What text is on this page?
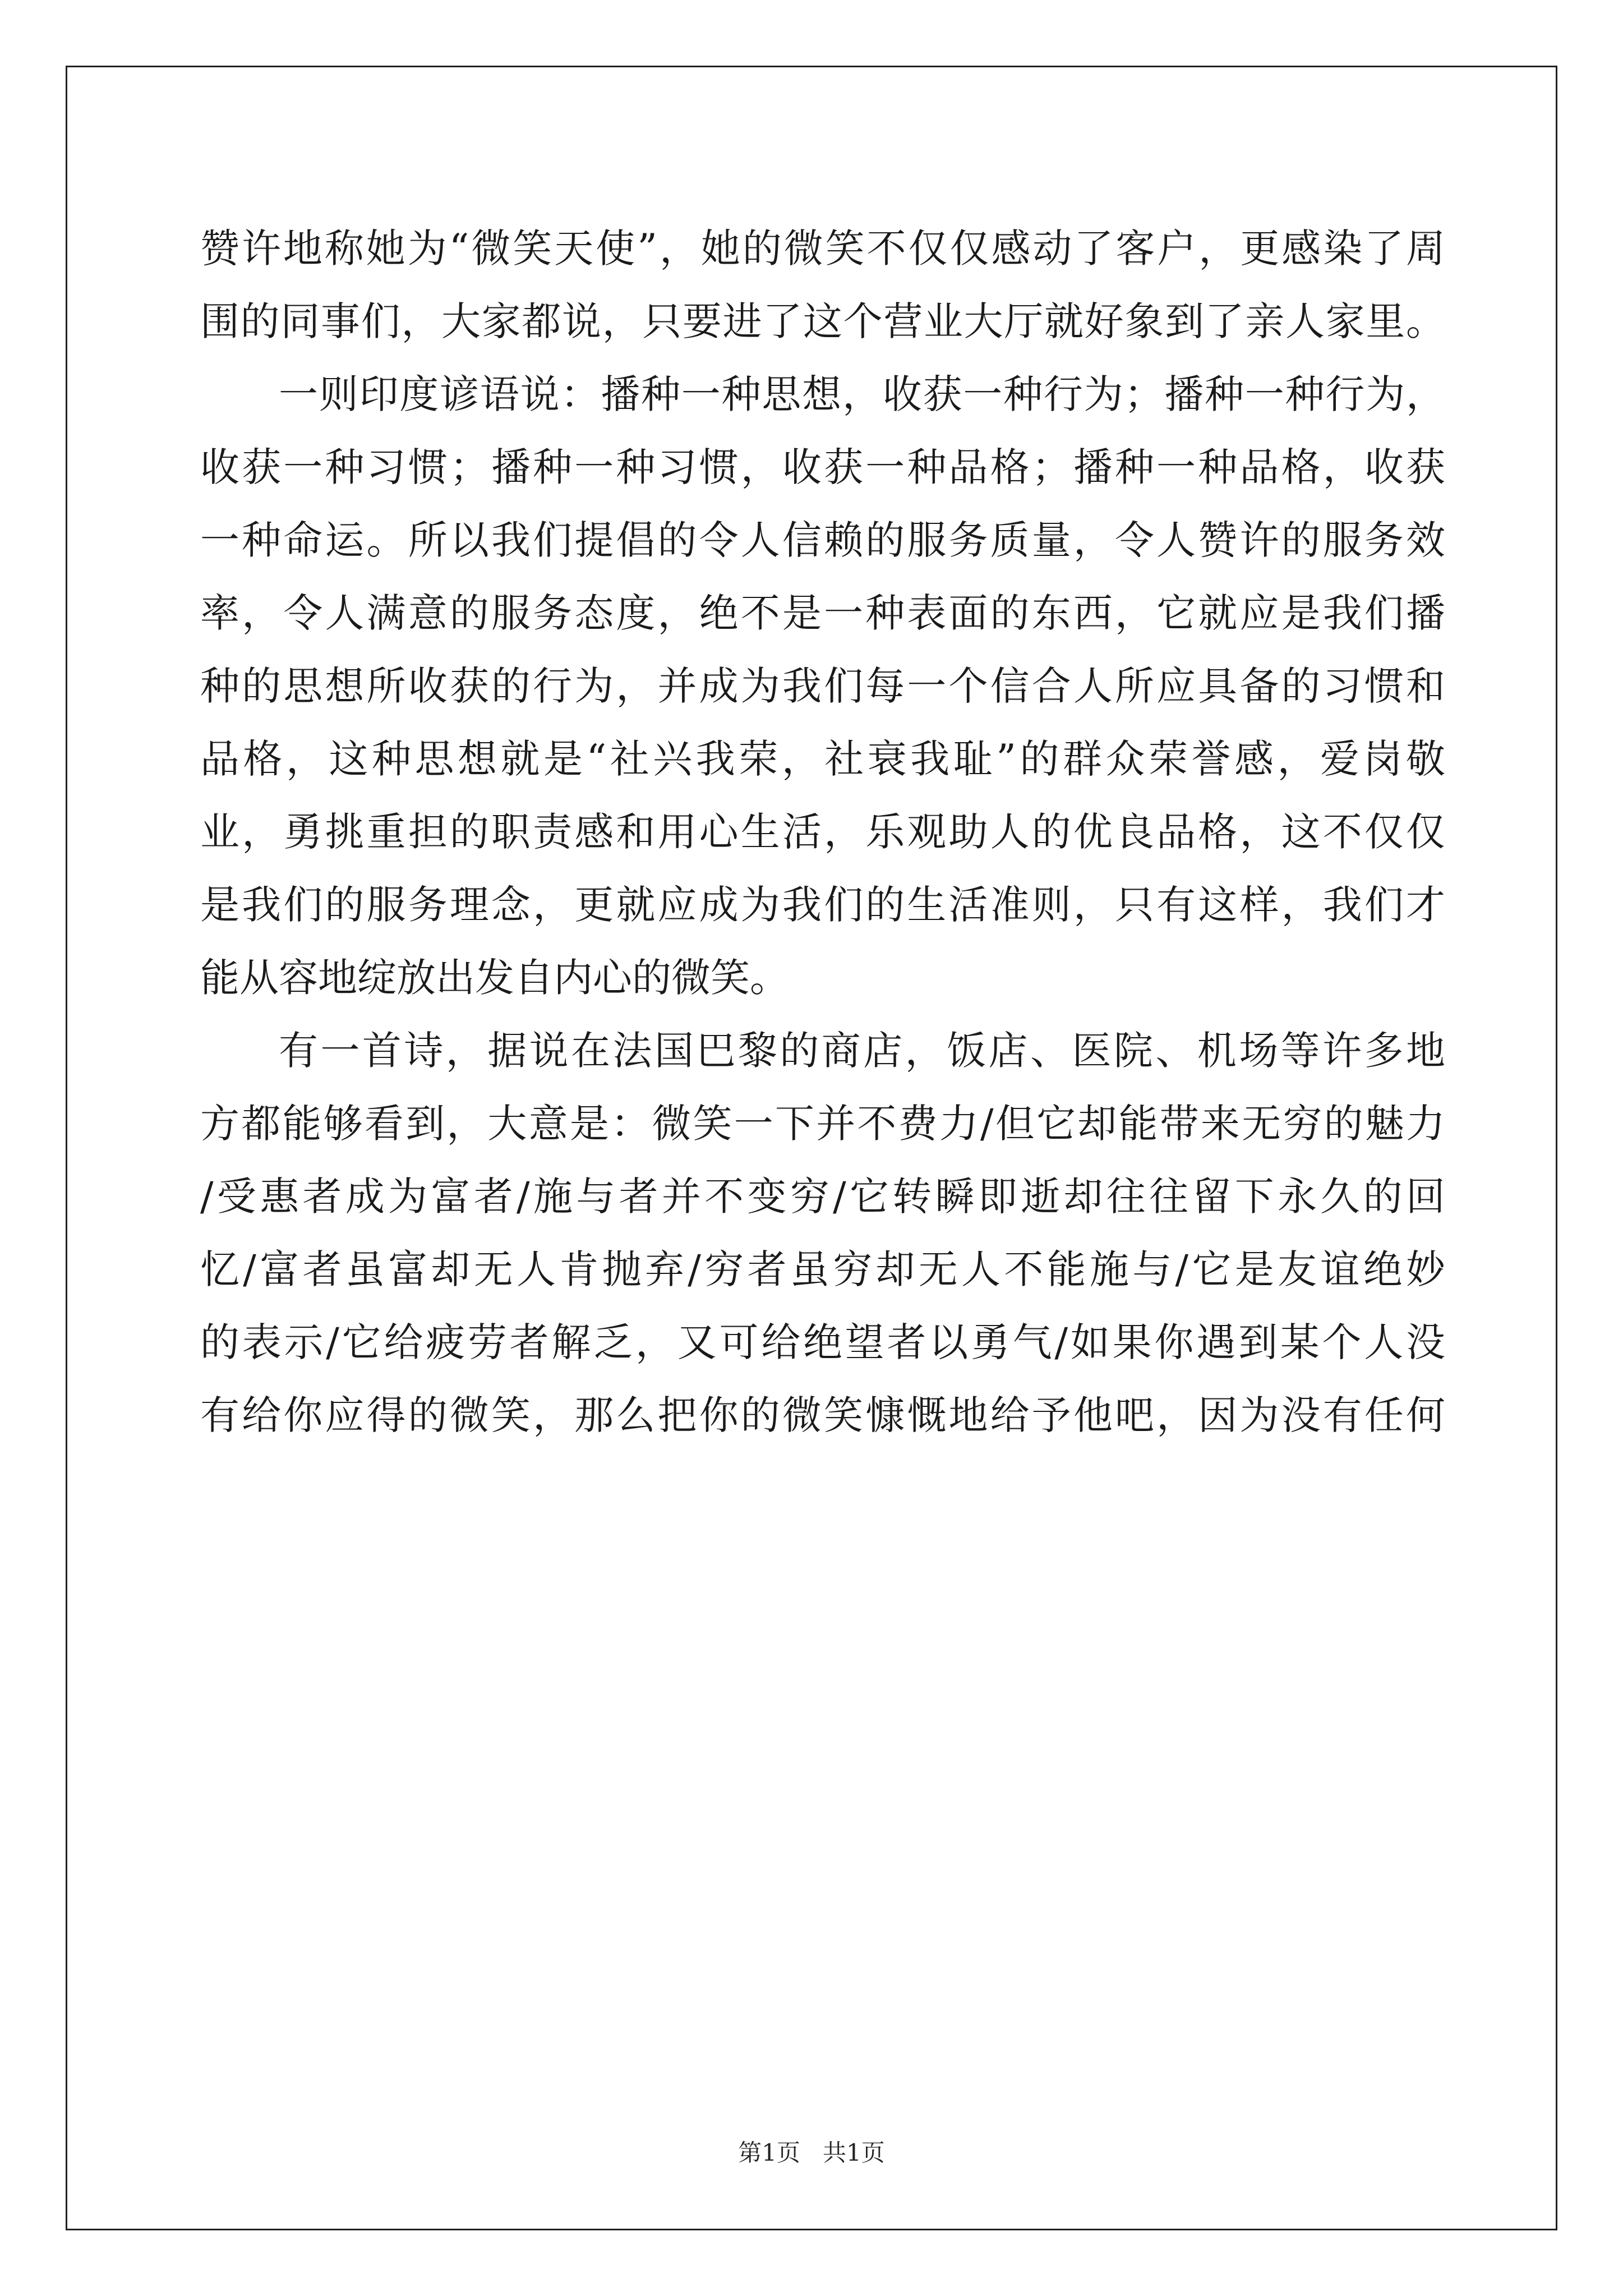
赞许地称她为“微笑天使”，她的微笑不仅仅感动了客户，更感染了周
围的同事们，大家都说，只要进了这个营业大厅就好象到了亲人家里。
一则印度谚语说：播种一种思想，收获一种行为；播种一种行为，
收获一种习惯；播种一种习惯，收获一种品格；播种一种品格，收获
一种命运。所以我们提倡的令人信赖的服务质量，令人赞许的服务效
率，令人满意的服务态度，绝不是一种表面的东西，它就应是我们播
种的思想所收获的行为，并成为我们每一个信合人所应具备的习惯和
品格，这种思想就是“社兴我荣，社衰我耻”的群众荣誉感，爱岗敬
业，勇挑重担的职责感和用心生活，乐观助人的优良品格，这不仅仅
是我们的服务理念，更就应成为我们的生活准则，只有这样，我们才
能从容地绽放出发自内心的微笑。
有一首诗，据说在法国巴黎的商店，饭店、医院、机场等许多地
方都能够看到，大意是：微笑一下并不费力/但它却能带来无穷的魅力
/受惠者成为富者/施与者并不变穷/它转瞬即逝却往往留下永久的回
忆/富者虽富却无人肯抛弃/穷者虽穷却无人不能施与/它是友谊绝妙
的表示/它给疲劳者解乏，又可给绝望者以勇气/如果你遇到某个人没
有给你应得的微笑，那么把你的微笑慷慨地给予他吧，因为没有任何
第1页 共1页
